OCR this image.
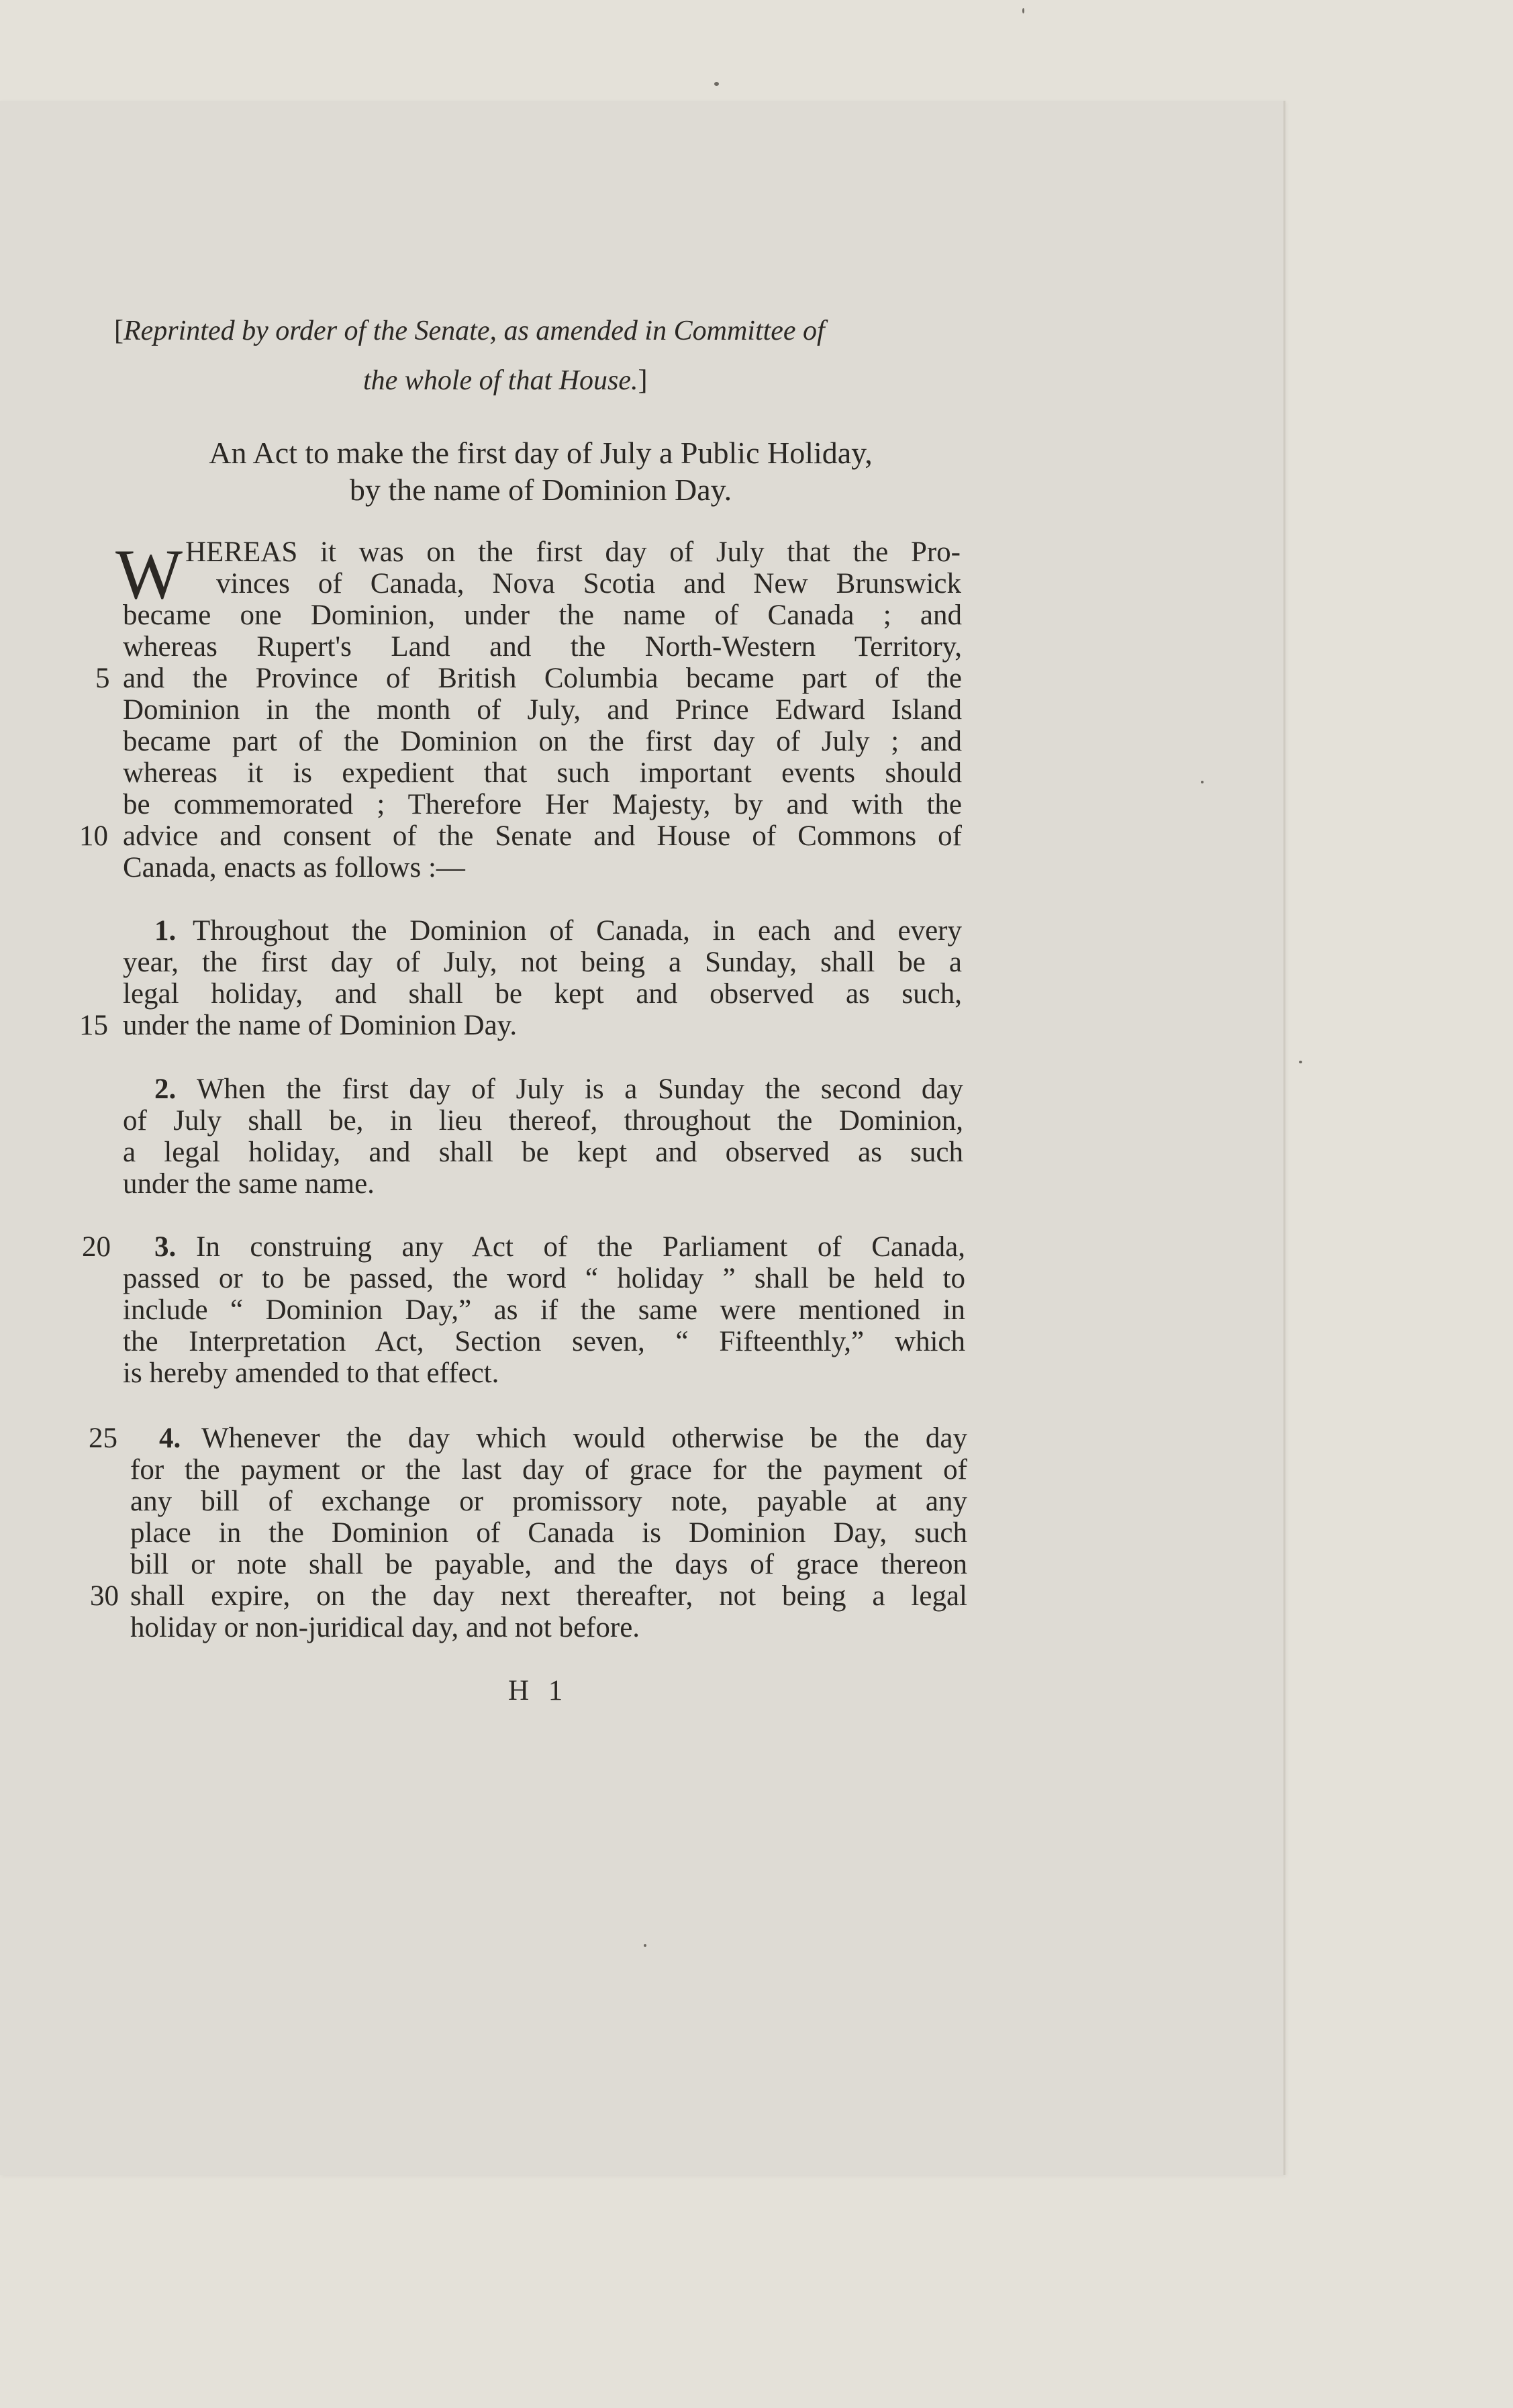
[Reprinted by order of the Senate, as amended in Committee of
the whole of that House.]
An Act to make the first day of July a Public Holiday,
by the name of Dominion Day.
W HEREAS it was on the first day of July that the Pro-
vinces of Canada, Nova Scotia and New Brunswick
became one Dominion, under the name of Canada ; and
whereas Rupert's Land and the North-Western Territory,
5 and the Province of British Columbia became part of the
Dominion in the month of July, and Prince Edward Island
became part of the Dominion on the first day of July ; and
whereas it is expedient that such important events should
be commemorated ; Therefore Her Majesty, by and with the
10 advice and consent of the Senate and House of Commons of
Canada, enacts as follows :—
1. Throughout the Dominion of Canada, in each and every
year, the first day of July, not being a Sunday, shall be a
legal holiday, and shall be kept and observed as such,
15 under the name of Dominion Day.
2. When the first day of July is a Sunday the second day
of July shall be, in lieu thereof, throughout the Dominion,
a legal holiday, and shall be kept and observed as such
under the same name.
20 3. In construing any Act of the Parliament of Canada,
passed or to be passed, the word “ holiday ” shall be held to
include “ Dominion Day,” as if the same were mentioned in
the Interpretation Act, Section seven, “ Fifteenthly,” which
is hereby amended to that effect.
25 4. Whenever the day which would otherwise be the day
for the payment or the last day of grace for the payment of
any bill of exchange or promissory note, payable at any
place in the Dominion of Canada is Dominion Day, such
bill or note shall be payable, and the days of grace thereon
30 shall expire, on the day next thereafter, not being a legal
holiday or non-juridical day, and not before.
H 1
